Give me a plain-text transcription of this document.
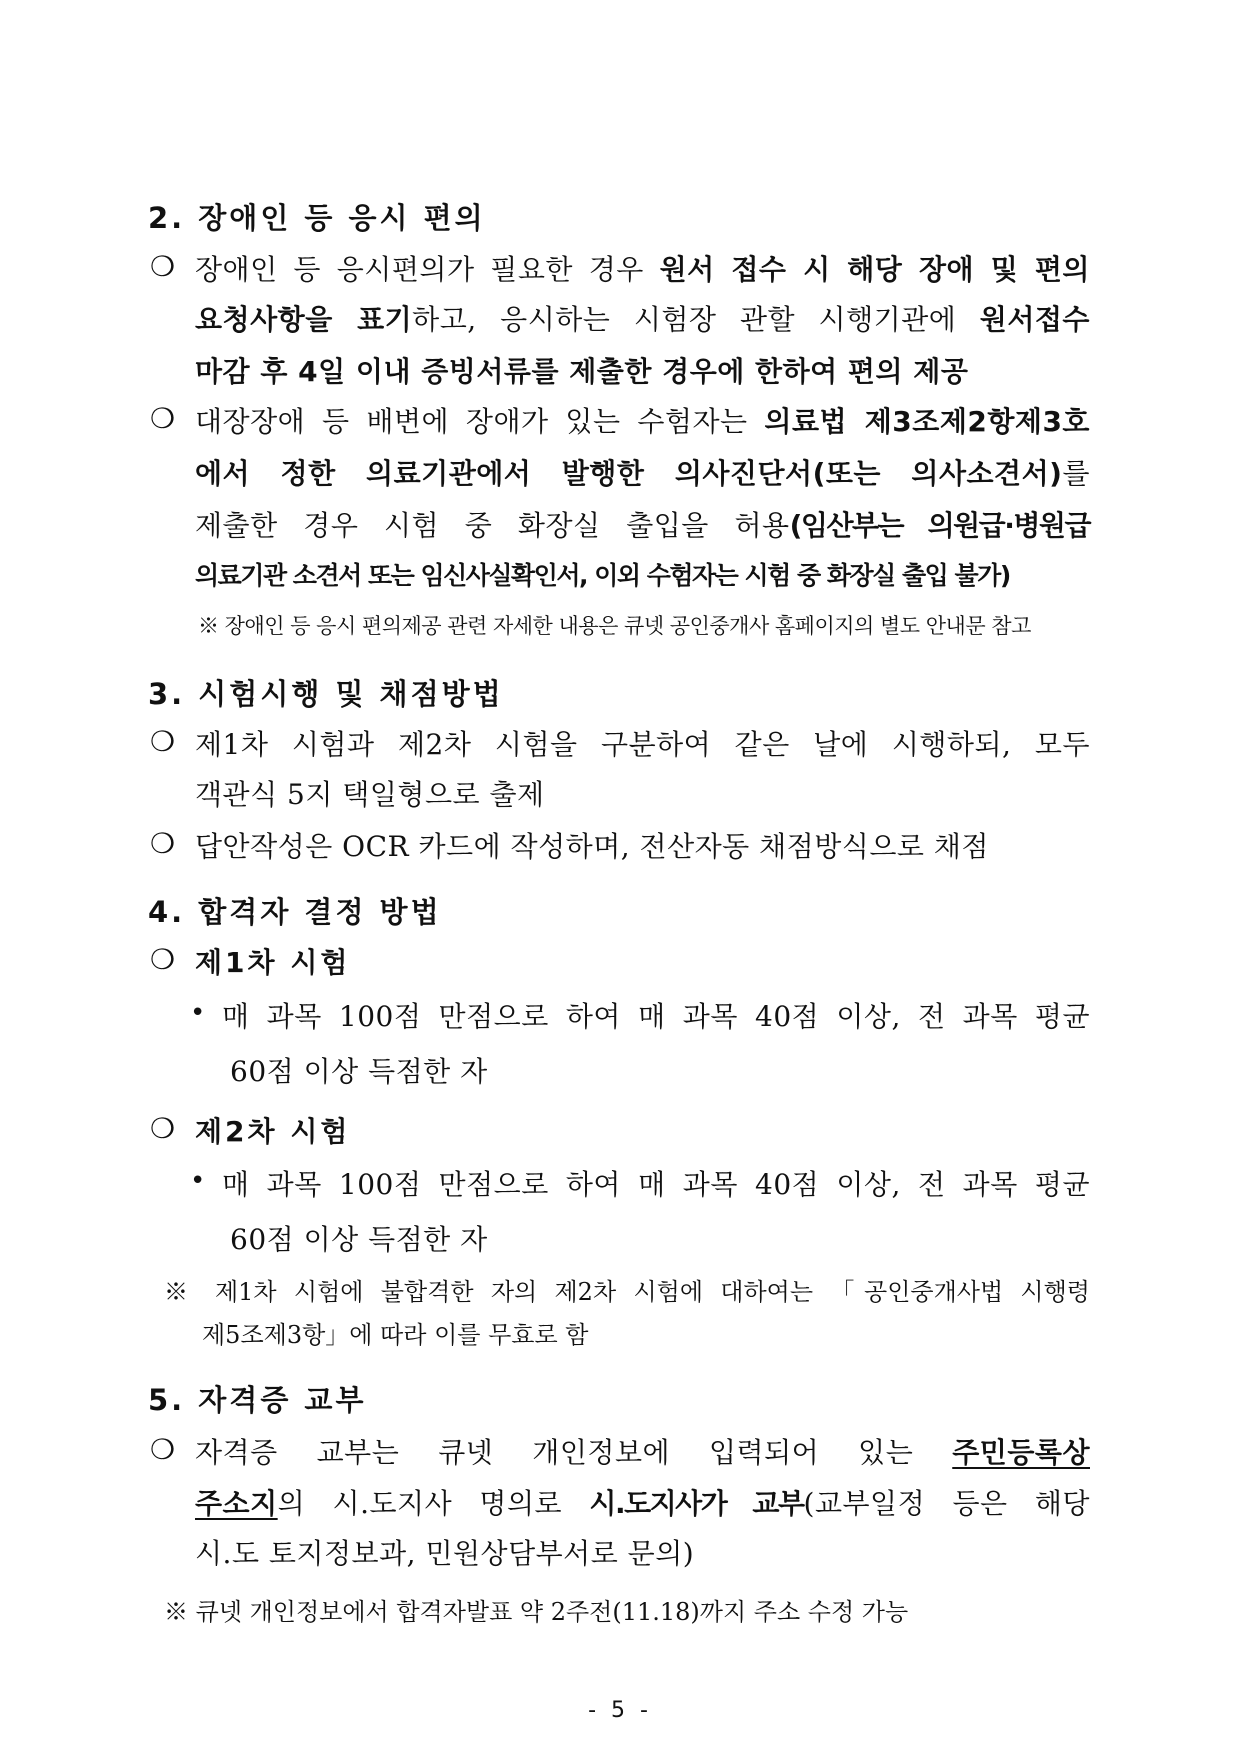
2. 장애인 등 응시 편의
❍ 장애인 등 응시편의가 필요한 경우 원서 접수 시 해당 장애 및 편의
요청사항을 표기하고, 응시하는 시험장 관할 시행기관에 원서접수
마감 후 4일 이내 증빙서류를 제출한 경우에 한하여 편의 제공
❍ 대장장애 등 배변에 장애가 있는 수험자는 의료법 제3조제2항제3호
에서 정한 의료기관에서 발행한 의사진단서(또는 의사소견서)를
제출한 경우 시험 중 화장실 출입을 허용(임산부는 의원급·병원급
의료기관 소견서 또는 임신사실확인서, 이외 수험자는 시험 중 화장실 출입 불가)
※ 장애인 등 응시 편의제공 관련 자세한 내용은 큐넷 공인중개사 홈페이지의 별도 안내문 참고
3. 시험시행 및 채점방법
❍ 제1차 시험과 제2차 시험을 구분하여 같은 날에 시행하되, 모두
객관식 5지 택일형으로 출제
❍ 답안작성은 OCR 카드에 작성하며, 전산자동 채점방식으로 채점
4. 합격자 결정 방법
❍ 제1차 시험
• 매 과목 100점 만점으로 하여 매 과목 40점 이상, 전 과목 평균
60점 이상 득점한 자
❍ 제2차 시험
• 매 과목 100점 만점으로 하여 매 과목 40점 이상, 전 과목 평균
60점 이상 득점한 자
※ 제1차 시험에 불합격한 자의 제2차 시험에 대하여는 「공인중개사법 시행령
제5조제3항」에 따라 이를 무효로 함
5. 자격증 교부
❍ 자격증 교부는 큐넷 개인정보에 입력되어 있는 주민등록상
주소지의 시.도지사 명의로 시.도지사가 교부(교부일정 등은 해당
시.도 토지정보과, 민원상담부서로 문의)
※ 큐넷 개인정보에서 합격자발표 약 2주전(11.18)까지 주소 수정 가능
- 5 -
